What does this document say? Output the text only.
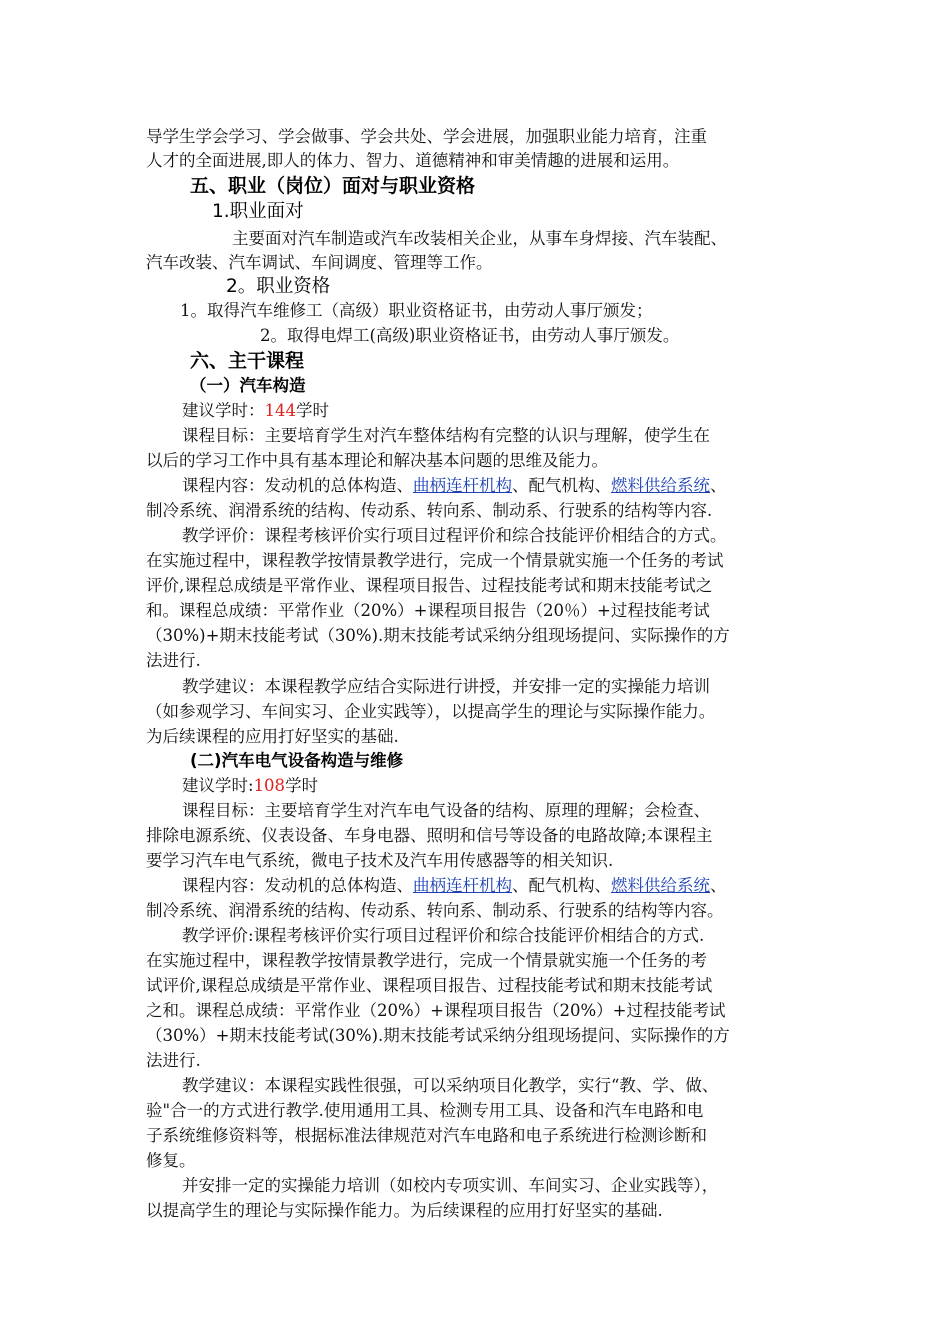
导学生学会学习、学会做事、学会共处、学会进展，加强职业能力培育，注重
人才的全面进展,即人的体力、智力、道德精神和审美情趣的进展和运用。
五、职业（岗位）面对与职业资格
1.职业面对
主要面对汽车制造或汽车改装相关企业，从事车身焊接、汽车装配、
汽车改装、汽车调试、车间调度、管理等工作。
2。职业资格
1。取得汽车维修工（高级）职业资格证书，由劳动人事厅颁发；
2。取得电焊工(高级)职业资格证书，由劳动人事厅颁发。
六、主干课程
（一）汽车构造
建议学时：144学时
课程目标：主要培育学生对汽车整体结构有完整的认识与理解，使学生在
以后的学习工作中具有基本理论和解决基本问题的思维及能力。
课程内容：发动机的总体构造、曲柄连杆机构、配气机构、燃料供给系统、
制冷系统、润滑系统的结构、传动系、转向系、制动系、行驶系的结构等内容.
教学评价：课程考核评价实行项目过程评价和综合技能评价相结合的方式。
在实施过程中，课程教学按情景教学进行，完成一个情景就实施一个任务的考试
评价,课程总成绩是平常作业、课程项目报告、过程技能考试和期末技能考试之
和。课程总成绩：平常作业（20%）+课程项目报告（20％）+过程技能考试
（30%)+期末技能考试（30%).期末技能考试采纳分组现场提问、实际操作的方
法进行.
教学建议：本课程教学应结合实际进行讲授，并安排一定的实操能力培训
（如参观学习、车间实习、企业实践等），以提高学生的理论与实际操作能力。
为后续课程的应用打好坚实的基础.
(二)汽车电气设备构造与维修
建议学时:108学时
课程目标：主要培育学生对汽车电气设备的结构、原理的理解；会检查、
排除电源系统、仪表设备、车身电器、照明和信号等设备的电路故障;本课程主
要学习汽车电气系统，微电子技术及汽车用传感器等的相关知识.
课程内容：发动机的总体构造、曲柄连杆机构、配气机构、燃料供给系统、
制冷系统、润滑系统的结构、传动系、转向系、制动系、行驶系的结构等内容。
教学评价:课程考核评价实行项目过程评价和综合技能评价相结合的方式.
在实施过程中，课程教学按情景教学进行，完成一个情景就实施一个任务的考
试评价,课程总成绩是平常作业、课程项目报告、过程技能考试和期末技能考试
之和。课程总成绩：平常作业（20%）+课程项目报告（20%）+过程技能考试
（30%）+期末技能考试(30%).期末技能考试采纳分组现场提问、实际操作的方
法进行.
教学建议：本课程实践性很强，可以采纳项目化教学，实行“教、学、做、
验"合一的方式进行教学.使用通用工具、检测专用工具、设备和汽车电路和电
子系统维修资料等，根据标准法律规范对汽车电路和电子系统进行检测诊断和
修复。
并安排一定的实操能力培训（如校内专项实训、车间实习、企业实践等），
以提高学生的理论与实际操作能力。为后续课程的应用打好坚实的基础.
